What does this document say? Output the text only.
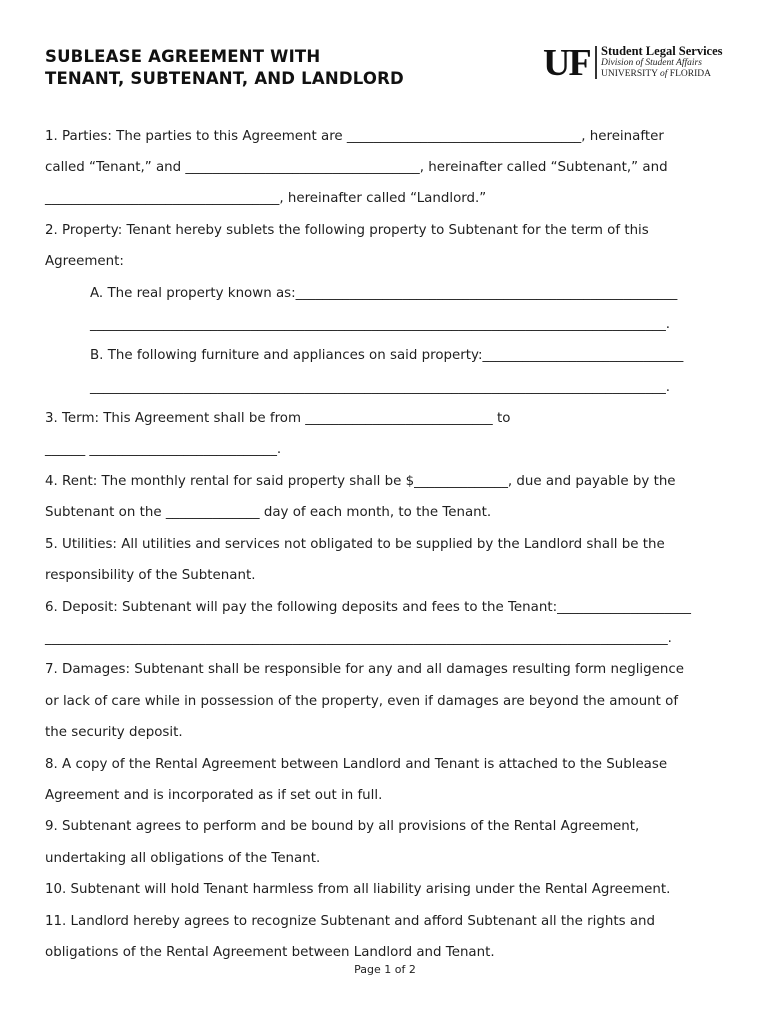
SUBLEASE AGREEMENT WITH
TENANT, SUBTENANT, AND LANDLORD	UF Student Legal Services
Division of Student Affairs
UNIVERSITY of FLORIDA
1. Parties: The parties to this Agreement are ___________________________________, hereinafter
called “Tenant,” and ___________________________________, hereinafter called “Subtenant,” and
___________________________________, hereinafter called “Landlord.”
2. Property: Tenant hereby sublets the following property to Subtenant for the term of this
Agreement:
A. The real property known as:_________________________________________________________
______________________________________________________________________________________.
B. The following furniture and appliances on said property:______________________________
______________________________________________________________________________________.
3. Term: This Agreement shall be from ____________________________ to
______ ____________________________.
4. Rent: The monthly rental for said property shall be $______________, due and payable by the
Subtenant on the ______________ day of each month, to the Tenant.
5. Utilities: All utilities and services not obligated to be supplied by the Landlord shall be the
responsibility of the Subtenant.
6. Deposit: Subtenant will pay the following deposits and fees to the Tenant:____________________
_____________________________________________________________________________________________.
7. Damages: Subtenant shall be responsible for any and all damages resulting form negligence
or lack of care while in possession of the property, even if damages are beyond the amount of
the security deposit.
8. A copy of the Rental Agreement between Landlord and Tenant is attached to the Sublease
Agreement and is incorporated as if set out in full.
9. Subtenant agrees to perform and be bound by all provisions of the Rental Agreement,
undertaking all obligations of the Tenant.
10. Subtenant will hold Tenant harmless from all liability arising under the Rental Agreement.
11. Landlord hereby agrees to recognize Subtenant and afford Subtenant all the rights and
obligations of the Rental Agreement between Landlord and Tenant.
Page 1 of 2
